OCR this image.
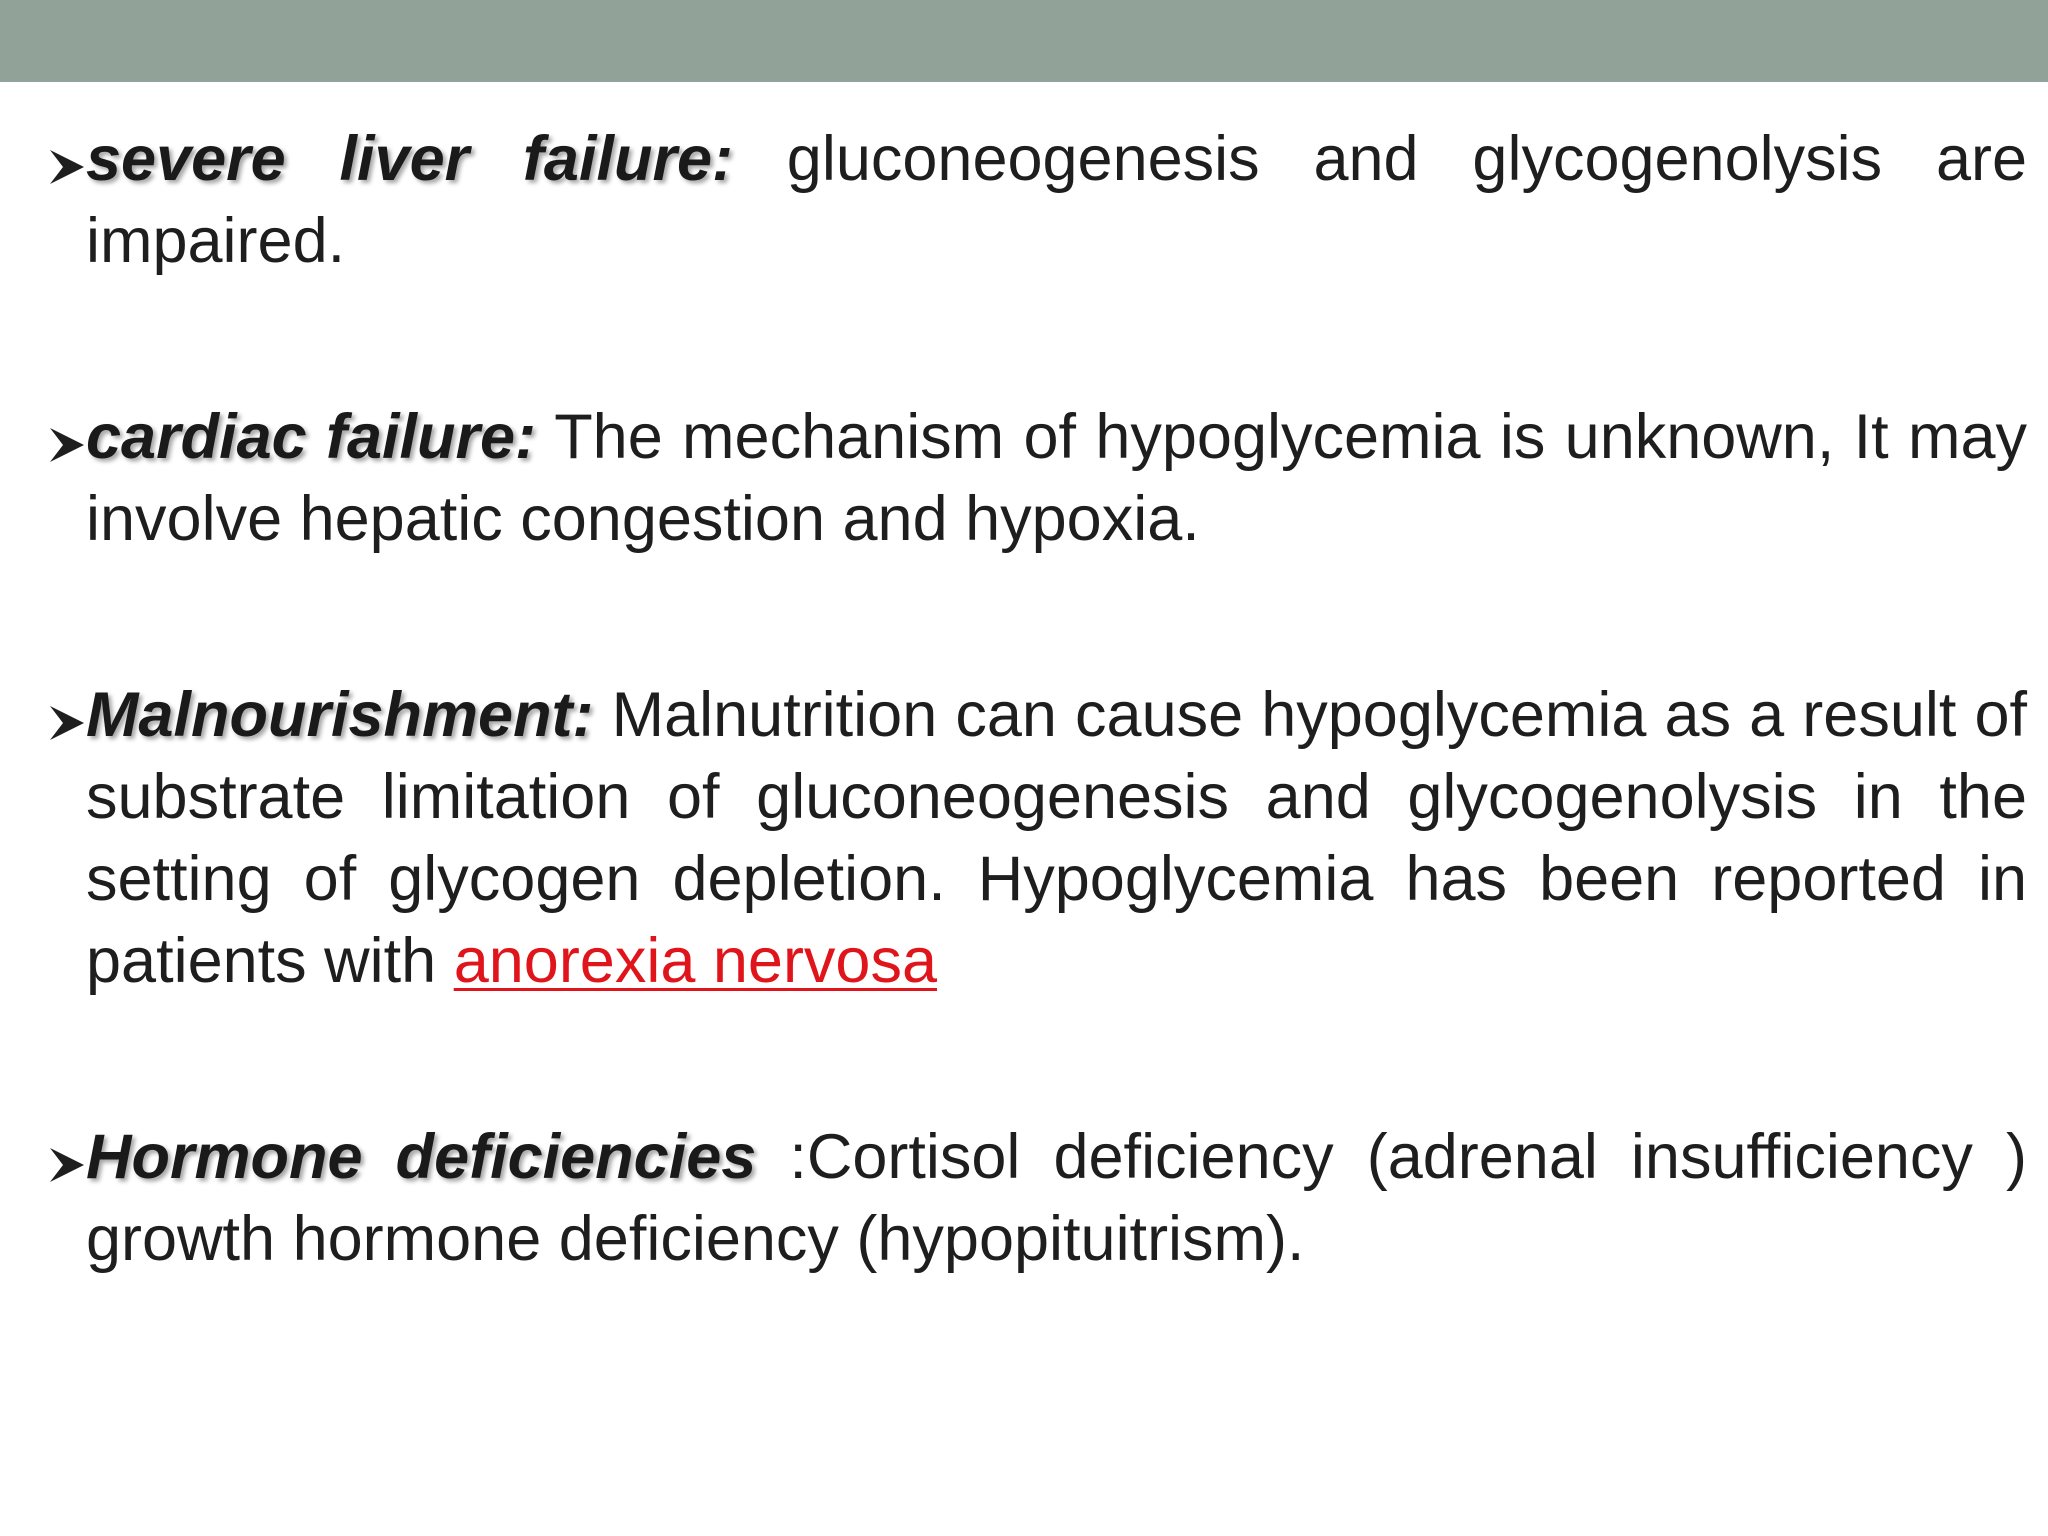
severe liver failure: gluconeogenesis and glycogenolysis are impaired.
cardiac failure: The mechanism of hypoglycemia is unknown, It may involve hepatic congestion and hypoxia.
Malnourishment: Malnutrition can cause hypoglycemia as a result of substrate limitation of gluconeogenesis and glycogenolysis in the setting of glycogen depletion. Hypoglycemia has been reported in patients with anorexia nervosa
Hormone deficiencies :Cortisol deficiency (adrenal insufficiency ) growth hormone deficiency (hypopituitrism).
